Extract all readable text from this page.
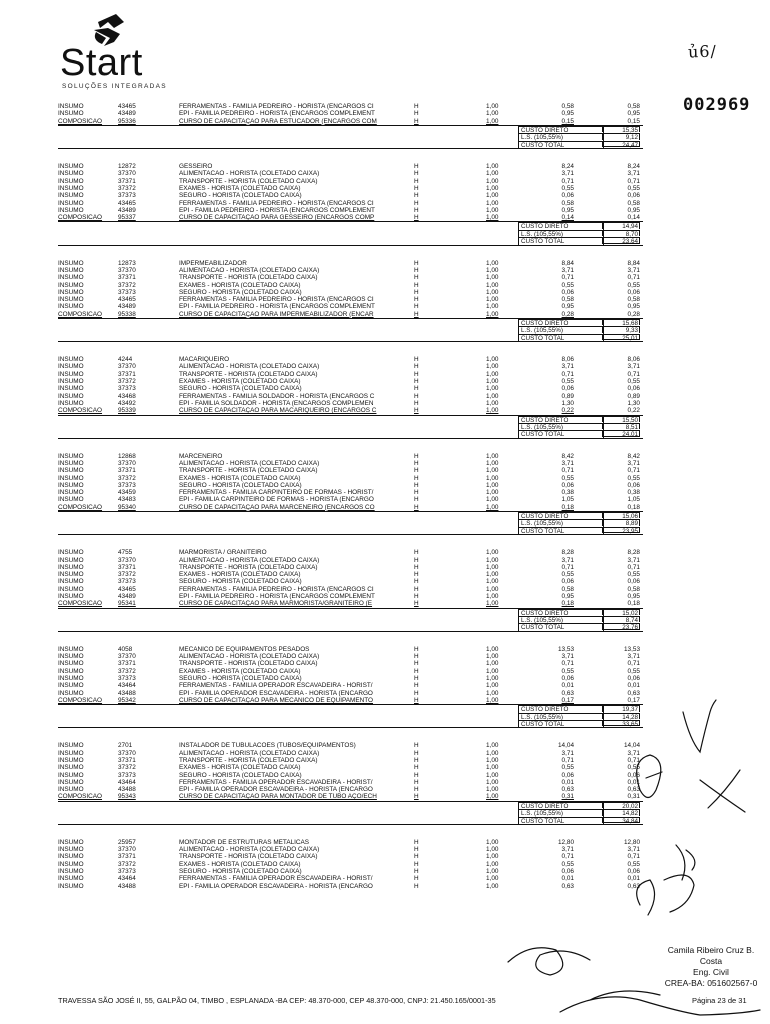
Start
SOLUÇÕES INTEGRADAS
ủ6/
002969
INSUMO	43465	FERRAMENTAS - FAMILIA PEDREIRO - HORISTA (ENCARGOS CI	H	1,00	0,58	0,58
INSUMO	43489	EPI - FAMILIA PEDREIRO - HORISTA (ENCARGOS COMPLEMENT	H	1,00	0,95	0,95
COMPOSICAO 95336	CURSO DE CAPACITAÇÃO PARA ESTUCADOR (ENCARGOS COM	H	1,00	0,15	0,15
CUSTO DIRETO	15,35
L.S. (105,55%)	9,12
CUSTO TOTAL	24,47
INSUMO	12872	GESSEIRO	H	1,00	8,24	8,24
INSUMO	37370	ALIMENTACAO - HORISTA (COLETADO CAIXA)	H	1,00	3,71	3,71
INSUMO	37371	TRANSPORTE - HORISTA (COLETADO CAIXA)	H	1,00	0,71	0,71
INSUMO	37372	EXAMES - HORISTA (COLETADO CAIXA)	H	1,00	0,55	0,55
INSUMO	37373	SEGURO - HORISTA (COLETADO CAIXA)	H	1,00	0,06	0,06
INSUMO	43465	FERRAMENTAS - FAMILIA PEDREIRO - HORISTA (ENCARGOS CI	H	1,00	0,58	0,58
INSUMO	43489	EPI - FAMILIA PEDREIRO - HORISTA (ENCARGOS COMPLEMENT	H	1,00	0,95	0,95
COMPOSICAO 95337	CURSO DE CAPACITAÇÃO PARA GESSEIRO (ENCARGOS COMP	H	1,00	0,14	0,14
CUSTO DIRETO	14,94
L.S. (105,55%)	8,70
CUSTO TOTAL	23,64
INSUMO	12873	IMPERMEABILIZADOR	H	1,00	8,84	8,84
INSUMO	37370	ALIMENTACAO - HORISTA (COLETADO CAIXA)	H	1,00	3,71	3,71
INSUMO	37371	TRANSPORTE - HORISTA (COLETADO CAIXA)	H	1,00	0,71	0,71
INSUMO	37372	EXAMES - HORISTA (COLETADO CAIXA)	H	1,00	0,55	0,55
INSUMO	37373	SEGURO - HORISTA (COLETADO CAIXA)	H	1,00	0,06	0,06
INSUMO	43465	FERRAMENTAS - FAMILIA PEDREIRO - HORISTA (ENCARGOS CI	H	1,00	0,58	0,58
INSUMO	43489	EPI - FAMILIA PEDREIRO - HORISTA (ENCARGOS COMPLEMENT	H	1,00	0,95	0,95
COMPOSICAO 95338	CURSO DE CAPACITAÇÃO PARA IMPERMEABILIZADOR (ENCAR	H	1,00	0,28	0,28
CUSTO DIRETO	15,68
L.S. (105,55%)	9,33
CUSTO TOTAL	25,01
INSUMO	4244	MACARIQUEIRO	H	1,00	8,06	8,06
INSUMO	37370	ALIMENTACAO - HORISTA (COLETADO CAIXA)	H	1,00	3,71	3,71
INSUMO	37371	TRANSPORTE - HORISTA (COLETADO CAIXA)	H	1,00	0,71	0,71
INSUMO	37372	EXAMES - HORISTA (COLETADO CAIXA)	H	1,00	0,55	0,55
INSUMO	37373	SEGURO - HORISTA (COLETADO CAIXA)	H	1,00	0,06	0,06
INSUMO	43468	FERRAMENTAS - FAMILIA SOLDADOR - HORISTA (ENCARGOS C	H	1,00	0,89	0,89
INSUMO	43492	EPI - FAMILIA SOLDADOR - HORISTA (ENCARGOS COMPLEMEN	H	1,00	1,30	1,30
COMPOSICAO 95339	CURSO DE CAPACITAÇÃO PARA MACARIQUEIRO (ENCARGOS C	H	1,00	0,22	0,22
CUSTO DIRETO	15,50
L.S. (105,55%)	8,51
CUSTO TOTAL	24,01
INSUMO	12868	MARCENEIRO	H	1,00	8,42	8,42
INSUMO	37370	ALIMENTACAO - HORISTA (COLETADO CAIXA)	H	1,00	3,71	3,71
INSUMO	37371	TRANSPORTE - HORISTA (COLETADO CAIXA)	H	1,00	0,71	0,71
INSUMO	37372	EXAMES - HORISTA (COLETADO CAIXA)	H	1,00	0,55	0,55
INSUMO	37373	SEGURO - HORISTA (COLETADO CAIXA)	H	1,00	0,06	0,06
INSUMO	43459	FERRAMENTAS - FAMILIA CARPINTEIRO DE FORMAS - HORIST/	H	1,00	0,38	0,38
INSUMO	43483	EPI - FAMILIA CARPINTEIRO DE FORMAS - HORISTA (ENCARGO	H	1,00	1,05	1,05
COMPOSICAO 95340	CURSO DE CAPACITAÇÃO PARA MARCENEIRO (ENCARGOS CO	H	1,00	0,18	0,18
CUSTO DIRETO	15,06
L.S. (105,55%)	8,89
CUSTO TOTAL	23,95
INSUMO	4755	MARMORISTA / GRANITEIRO	H	1,00	8,28	8,28
INSUMO	37370	ALIMENTACAO - HORISTA (COLETADO CAIXA)	H	1,00	3,71	3,71
INSUMO	37371	TRANSPORTE - HORISTA (COLETADO CAIXA)	H	1,00	0,71	0,71
INSUMO	37372	EXAMES - HORISTA (COLETADO CAIXA)	H	1,00	0,55	0,55
INSUMO	37373	SEGURO - HORISTA (COLETADO CAIXA)	H	1,00	0,06	0,06
INSUMO	43465	FERRAMENTAS - FAMILIA PEDREIRO - HORISTA (ENCARGOS CI	H	1,00	0,58	0,58
INSUMO	43489	EPI - FAMILIA PEDREIRO - HORISTA (ENCARGOS COMPLEMENT	H	1,00	0,95	0,95
COMPOSICAO 95341	CURSO DE CAPACITAÇÃO PARA MARMORISTA/GRANITEIRO (E	H	1,00	0,18	0,18
CUSTO DIRETO	15,02
L.S. (105,55%)	8,74
CUSTO TOTAL	23,76
INSUMO	4058	MECANICO DE EQUIPAMENTOS PESADOS	H	1,00	13,53	13,53
INSUMO	37370	ALIMENTACAO - HORISTA (COLETADO CAIXA)	H	1,00	3,71	3,71
INSUMO	37371	TRANSPORTE - HORISTA (COLETADO CAIXA)	H	1,00	0,71	0,71
INSUMO	37372	EXAMES - HORISTA (COLETADO CAIXA)	H	1,00	0,55	0,55
INSUMO	37373	SEGURO - HORISTA (COLETADO CAIXA)	H	1,00	0,06	0,06
INSUMO	43464	FERRAMENTAS - FAMILIA OPERADOR ESCAVADEIRA - HORIST/	H	1,00	0,01	0,01
INSUMO	43488	EPI - FAMILIA OPERADOR ESCAVADEIRA - HORISTA (ENCARGO	H	1,00	0,63	0,63
COMPOSICAO 95342	CURSO DE CAPACITAÇÃO PARA MECÂNICO DE EQUIPAMENTO	H	1,00	0,17	0,17
CUSTO DIRETO	19,37
L.S. (105,55%)	14,28
CUSTO TOTAL	33,65
INSUMO	2701	INSTALADOR DE TUBULACOES (TUBOS/EQUIPAMENTOS)	H	1,00	14,04	14,04
INSUMO	37370	ALIMENTACAO - HORISTA (COLETADO CAIXA)	H	1,00	3,71	3,71
INSUMO	37371	TRANSPORTE - HORISTA (COLETADO CAIXA)	H	1,00	0,71	0,71
INSUMO	37372	EXAMES - HORISTA (COLETADO CAIXA)	H	1,00	0,55	0,55
INSUMO	37373	SEGURO - HORISTA (COLETADO CAIXA)	H	1,00	0,06	0,06
INSUMO	43464	FERRAMENTAS - FAMILIA OPERADOR ESCAVADEIRA - HORIST/	H	1,00	0,01	0,01
INSUMO	43488	EPI - FAMILIA OPERADOR ESCAVADEIRA - HORISTA (ENCARGO	H	1,00	0,63	0,63
COMPOSICAO 95343	CURSO DE CAPACITAÇÃO PARA MONTADOR DE TUBO AÇO/ECH	H	1,00	0,31	0,31
CUSTO DIRETO	20,02
L.S. (105,55%)	14,82
CUSTO TOTAL	34,84
INSUMO	25957	MONTADOR DE ESTRUTURAS METALICAS	H	1,00	12,80	12,80
INSUMO	37370	ALIMENTACAO - HORISTA (COLETADO CAIXA)	H	1,00	3,71	3,71
INSUMO	37371	TRANSPORTE - HORISTA (COLETADO CAIXA)	H	1,00	0,71	0,71
INSUMO	37372	EXAMES - HORISTA (COLETADO CAIXA)	H	1,00	0,55	0,55
INSUMO	37373	SEGURO - HORISTA (COLETADO CAIXA)	H	1,00	0,06	0,06
INSUMO	43464	FERRAMENTAS - FAMILIA OPERADOR ESCAVADEIRA - HORIST/	H	1,00	0,01	0,01
INSUMO	43488	EPI - FAMILIA OPERADOR ESCAVADEIRA - HORISTA (ENCARGO	H	1,00	0,63	0,63
Camila Ribeiro Cruz B. Costa
Eng. Civil
CREA-BA: 051602567-0
TRAVESSA SÃO JOSÉ II, 55, GALPÃO 04, TIMBO , ESPLANADA -BA CEP: 48.370-000, CEP 48.370-000, CNPJ: 21.450.165/0001-35	Página 23 de 31
